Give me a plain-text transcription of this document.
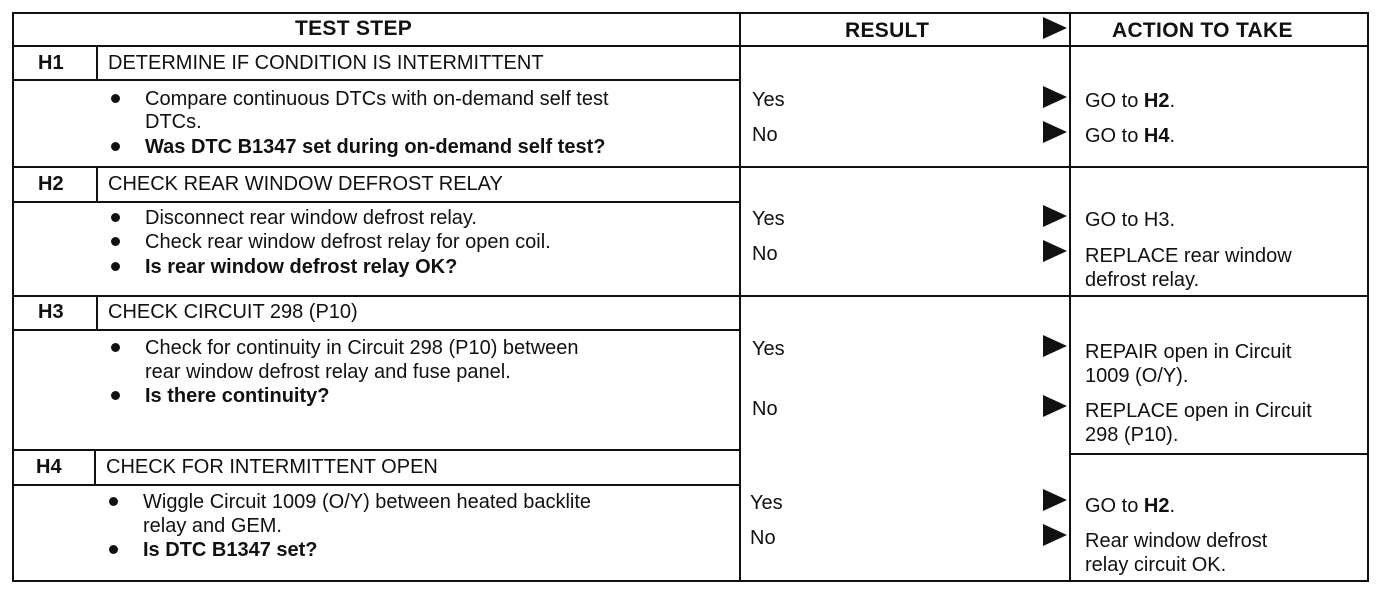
TEST STEP	RESULT	ACTION TO TAKE
H1 DETERMINE IF CONDITION IS INTERMITTENT
Compare continuous DTCs with on-demand self test
DTCs.
Was DTC B1347 set during on-demand self test?
Yes
No
GO to H2.
GO to H4.
H2 CHECK REAR WINDOW DEFROST RELAY
Disconnect rear window defrost relay.
Check rear window defrost relay for open coil.
Is rear window defrost relay OK?
Yes
No
GO to H3.
REPLACE rear window
defrost relay.
H3 CHECK CIRCUIT 298 (P10)
Check for continuity in Circuit 298 (P10) between
rear window defrost relay and fuse panel.
Is there continuity?
Yes
No
REPAIR open in Circuit
1009 (O/Y).
REPLACE open in Circuit
298 (P10).
H4 CHECK FOR INTERMITTENT OPEN
Wiggle Circuit 1009 (O/Y) between heated backlite
relay and GEM.
Is DTC B1347 set?
Yes
No
GO to H2.
Rear window defrost
relay circuit OK.
